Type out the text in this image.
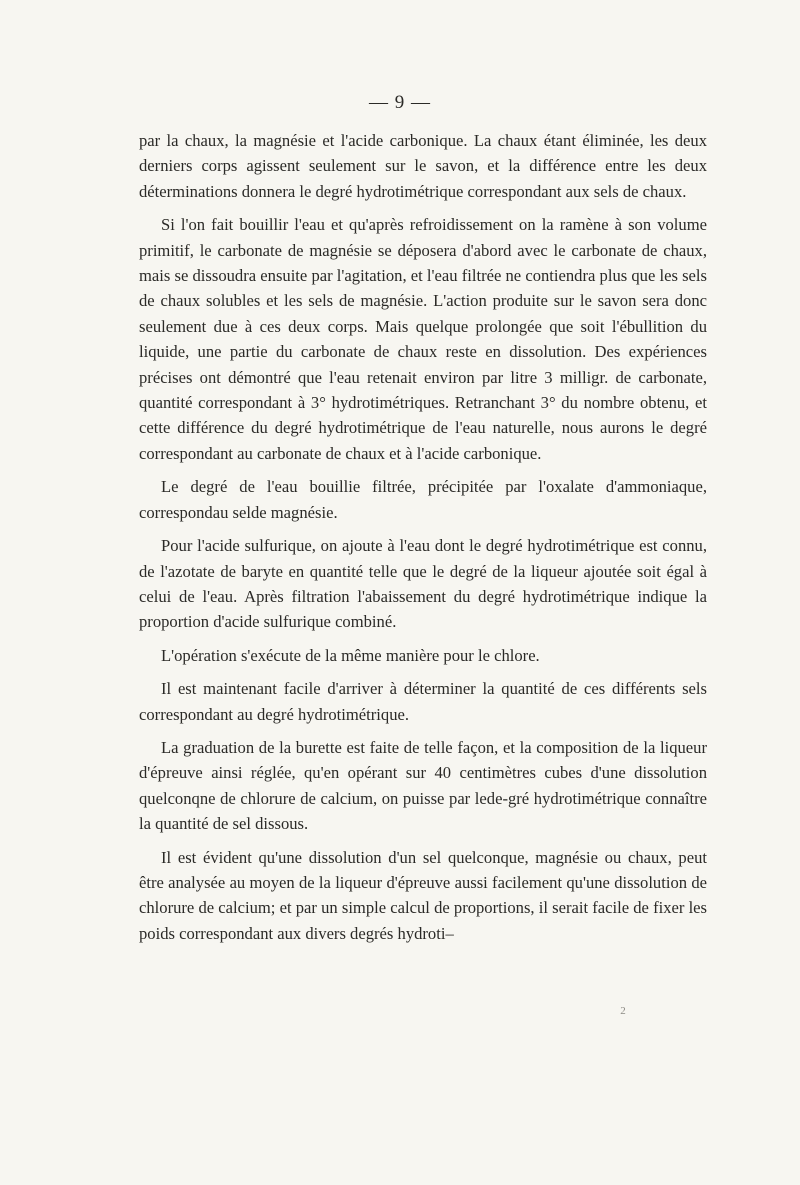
— 9 —

par la chaux, la magnésie et l'acide carbonique. La chaux étant éliminée, les deux derniers corps agissent seulement sur le savon, et la différence entre les deux déterminations donnera le degré hydrotimétrique correspondant aux sels de chaux.

Si l'on fait bouillir l'eau et qu'après refroidissement on la ramène à son volume primitif, le carbonate de magnésie se déposera d'abord avec le carbonate de chaux, mais se dissoudra ensuite par l'agitation, et l'eau filtrée ne contiendra plus que les sels de chaux solubles et les sels de magnésie. L'action produite sur le savon sera donc seulement due à ces deux corps. Mais quelque prolongée que soit l'ébullition du liquide, une partie du carbonate de chaux reste en dissolution. Des expériences précises ont démontré que l'eau retenait environ par litre 3 milligr. de carbonate, quantité correspondant à 3° hydrotimétriques. Retranchant 3° du nombre obtenu, et cette différence du degré hydrotimétrique de l'eau naturelle, nous aurons le degré correspondant au carbonate de chaux et à l'acide carbonique.

Le degré de l'eau bouillie filtrée, précipitée par l'oxalate d'ammoniaque, correspondau selde magnésie.

Pour l'acide sulfurique, on ajoute à l'eau dont le degré hydrotimétrique est connu, de l'azotate de baryte en quantité telle que le degré de la liqueur ajoutée soit égal à celui de l'eau. Après filtration l'abaissement du degré hydrotimétrique indique la proportion d'acide sulfurique combiné.

L'opération s'exécute de la même manière pour le chlore.

Il est maintenant facile d'arriver à déterminer la quantité de ces différents sels correspondant au degré hydrotimétrique.

La graduation de la burette est faite de telle façon, et la composition de la liqueur d'épreuve ainsi réglée, qu'en opérant sur 40 centimètres cubes d'une dissolution quelconqne de chlorure de calcium, on puisse par lede-gré hydrotimétrique connaître la quantité de sel dissous.

Il est évident qu'une dissolution d'un sel quelconque, magnésie ou chaux, peut être analysée au moyen de la liqueur d'épreuve aussi facilement qu'une dissolution de chlorure de calcium; et par un simple calcul de proportions, il serait facile de fixer les poids correspondant aux divers degrés hydroti–

2
